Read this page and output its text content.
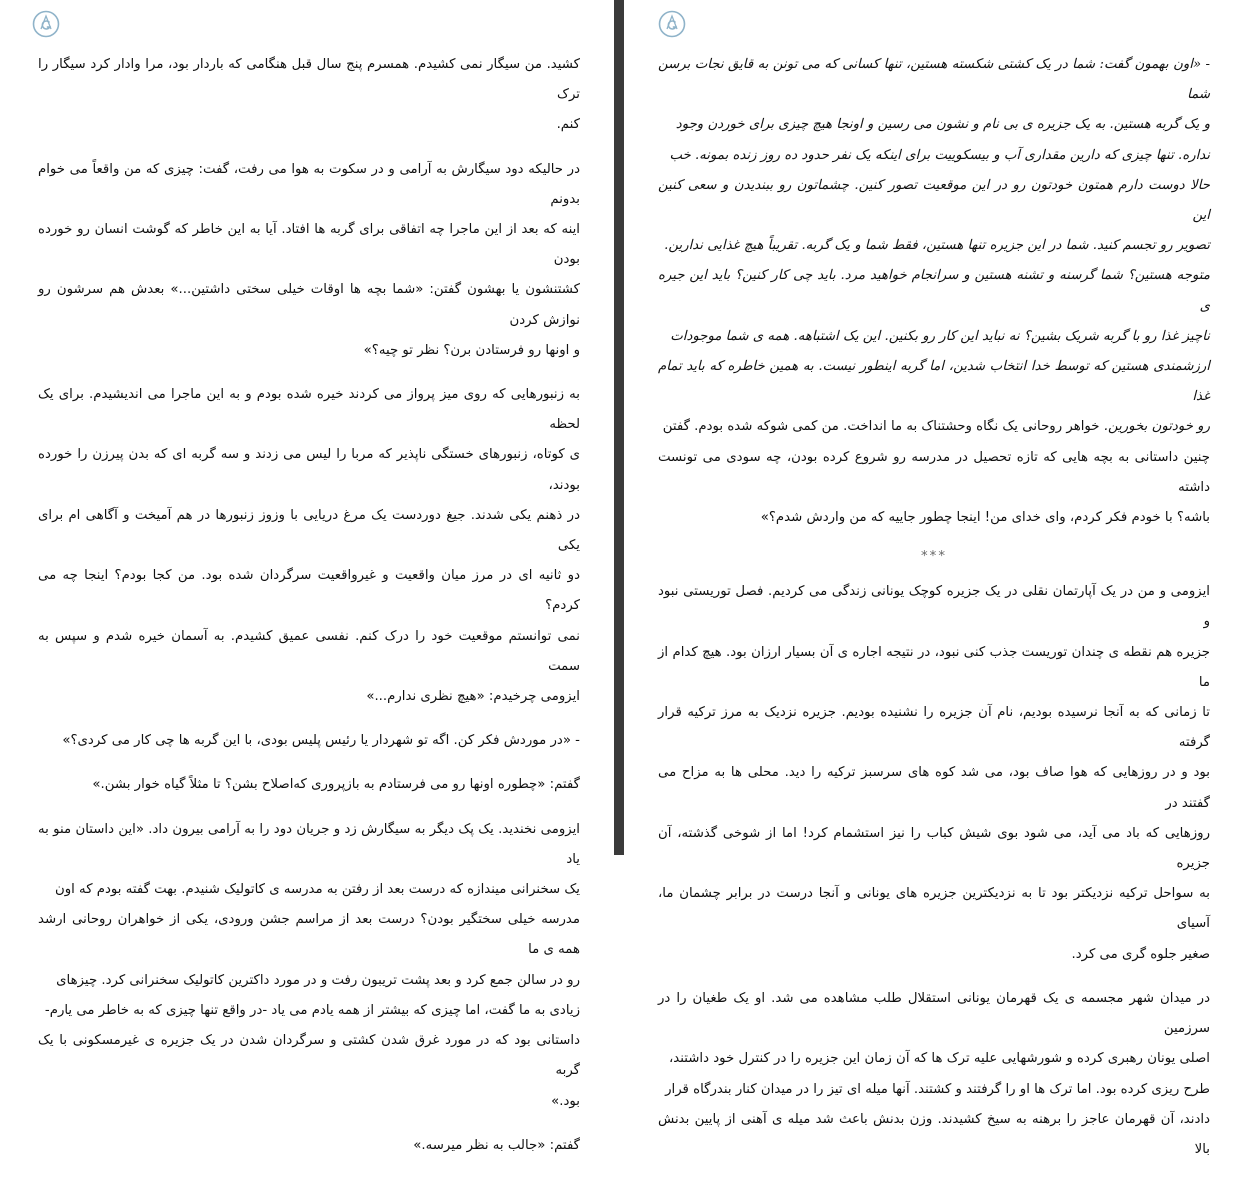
کشید. من سیگار نمی کشیدم. همسرم پنج سال قبل هنگامی که باردار بود، مرا وادار کرد سیگار را ترک
کنم.

در حالیکه دود سیگارش به آرامی و در سکوت به هوا می رفت، گفت: چیزی که من واقعاً می خوام بدونم
اینه که بعد از این ماجرا چه اتفاقی برای گربه ها افتاد. آیا به این خاطر که گوشت انسان رو خورده بودن
کشتنشون یا بهشون گفتن: «شما بچه ها اوقات خیلی سختی داشتین...» بعدش هم سرشون رو نوازش کردن
و اونها رو فرستادن برن؟ نظر تو چیه؟»

به زنبورهایی که روی میز پرواز می کردند خیره شده بودم و به این ماجرا می اندیشیدم. برای یک لحظه
ی کوتاه، زنبورهای خستگی ناپذیر که مربا را لیس می زدند و سه گربه ای که بدن پیرزن را خورده بودند،
در ذهنم یکی شدند. جیغ دوردست یک مرغ دریایی با وزوز زنبورها در هم آمیخت و آگاهی ام برای یکی
دو ثانیه ای در مرز میان واقعیت و غیرواقعیت سرگردان شده بود. من کجا بودم؟ اینجا چه می کردم؟
نمی توانستم موقعیت خود را درک کنم. نفسی عمیق کشیدم. به آسمان خیره شدم و سپس به سمت
ایزومی چرخیدم: «هیچ نظری ندارم...»

- «در موردش فکر کن. اگه تو شهردار یا رئیس پلیس بودی، با این گربه ها چی کار می کردی؟»

گفتم: «چطوره اونها رو می فرستادم به بازپروری که‌اصلاح بشن؟ تا مثلاً گیاه خوار بشن.»

ایزومی نخندید. یک پک دیگر به سیگارش زد و جریان دود را به آرامی بیرون داد. «این داستان منو به یاد
یک سخنرانی میندازه که درست بعد از رفتن به مدرسه ی کاتولیک شنیدم. بهت گفته بودم که اون
مدرسه خیلی سختگیر بودن؟ درست بعد از مراسم جشن ورودی، یکی از خواهران روحانی ارشد همه ی ما
رو در سالن جمع کرد و بعد پشت تریبون رفت و در مورد داکترین کاتولیک سخنرانی کرد. چیزهای
زیادی به ما گفت، اما چیزی که بیشتر از همه یادم می یاد -در واقع تنها چیزی که به خاطر می یارم-
داستانی بود که در مورد غرق شدن کشتی و سرگردان شدن در یک جزیره ی غیرمسکونی با یک گربه
بود.»

گفتم: «جالب به نظر میرسه.»

- «اون بهمون گفت: شما در یک کشتی شکسته هستین، تنها کسانی که می تونن به قایق نجات برسن شما
و یک گربه هستین. به یک جزیره ی بی نام و نشون می رسین و اونجا هیچ چیزی برای خوردن وجود
نداره. تنها چیزی که دارین مقداری آب و بیسکوییت برای اینکه یک نفر حدود ده روز زنده بمونه. خب
حالا دوست دارم همتون خودتون رو در این موقعیت تصور کنین. چشماتون رو ببندیدن و سعی کنین این
تصویر رو تجسم کنید. شما در این جزیره تنها هستین، فقط شما و یک گربه. تقریباً هیچ غذایی ندارین.
متوجه هستین؟ شما گرسنه و تشنه هستین و سرانجام خواهید مرد. باید چی کار کنین؟ باید این جیره ی
ناچیز غذا رو با گربه شریک بشین؟ نه نباید این کار رو بکنین. این یک اشتباهه. همه ی شما موجودات
ارزشمندی هستین که توسط خدا انتخاب شدین، اما گربه اینطور نیست. به همین خاطره که باید تمام غذا
رو خودتون بخورین. خواهر روحانی یک نگاه وحشتناک به ما انداخت. من کمی شوکه شده بودم. گفتن
چنین داستانی به بچه هایی که تازه تحصیل در مدرسه رو شروع کرده بودن، چه سودی می تونست داشته
باشه؟ با خودم فکر کردم، وای خدای من! اینجا چطور جاییه که من واردش شدم؟»

***

ایزومی و من در یک آپارتمان نقلی در یک جزیره کوچک یونانی زندگی می کردیم. فصل توریستی نبود و
جزیره هم نقطه ی چندان توریست جذب کنی نبود، در نتیجه اجاره ی آن بسیار ارزان بود. هیچ کدام از ما
تا زمانی که به آنجا نرسیده بودیم، نام آن جزیره را نشنیده بودیم. جزیره نزدیک به مرز ترکیه قرار گرفته
بود و در روزهایی که هوا صاف بود، می شد کوه های سرسبز ترکیه را دید. محلی ها به مزاح می گفتند در
روزهایی که باد می آید، می شود بوی شیش کباب را نیز استشمام کرد! اما از شوخی گذشته، آن جزیره
به سواحل ترکیه نزدیکتر بود تا به نزدیکترین جزیره های یونانی و آنجا درست در برابر چشمان ما، آسیای
صغیر جلوه گری می کرد.

در میدان شهر مجسمه ی یک قهرمان یونانی استقلال طلب مشاهده می شد. او یک طغیان را در سرزمین
اصلی یونان رهبری کرده و شورشهایی علیه ترک ها که آن زمان این جزیره را در کنترل خود داشتند،
طرح ریزی کرده بود. اما ترک ها او را گرفتند و کشتند. آنها میله ای تیز را در میدان کنار بندرگاه قرار
دادند، آن قهرمان عاجز را برهنه به سیخ کشیدند. وزن بدنش باعث شد میله ی آهنی از پایین بدنش بالا
